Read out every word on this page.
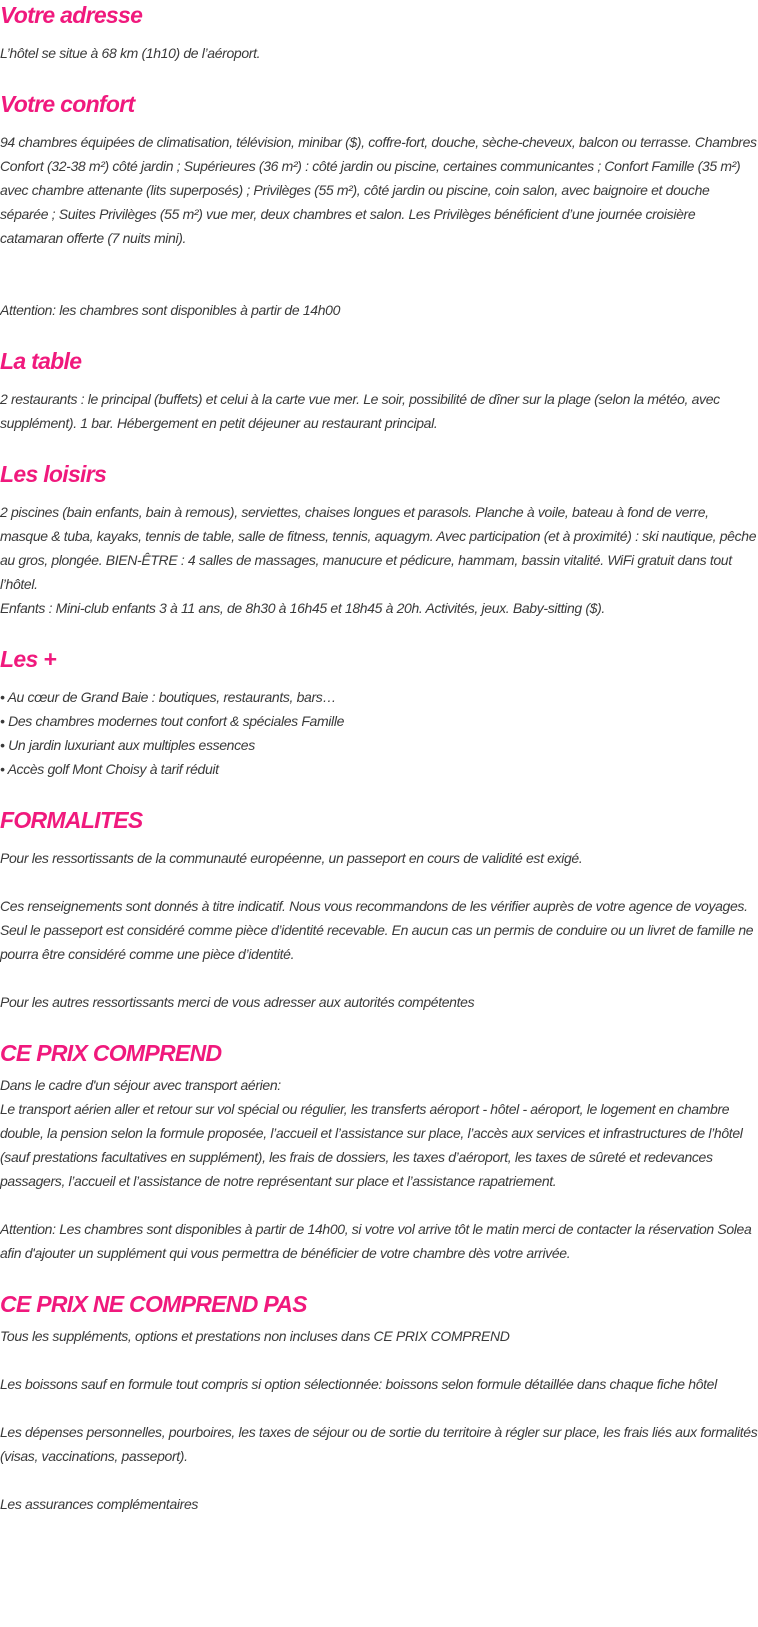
Votre adresse

L’hôtel se situe à 68 km (1h10) de l’aéroport.

Votre confort

94 chambres équipées de climatisation, télévision, minibar ($), coffre-fort, douche, sèche-cheveux, balcon ou terrasse. Chambres Confort (32-38 m²) côté jardin ; Supérieures (36 m²) : côté jardin ou piscine, certaines communicantes ; Confort Famille (35 m²) avec chambre attenante (lits superposés) ; Privilèges (55 m²), côté jardin ou piscine, coin salon, avec baignoire et douche séparée ; Suites Privilèges (55 m²) vue mer, deux chambres et salon. Les Privilèges bénéficient d’une journée croisière catamaran offerte (7 nuits mini).

Attention: les chambres sont disponibles à partir de 14h00

La table

2 restaurants : le principal (buffets) et celui à la carte vue mer. Le soir, possibilité de dîner sur la plage (selon la météo, avec supplément). 1 bar. Hébergement en petit déjeuner au restaurant principal.

Les loisirs

2 piscines (bain enfants, bain à remous), serviettes, chaises longues et parasols. Planche à voile, bateau à fond de verre, masque & tuba, kayaks, tennis de table, salle de fitness, tennis, aquagym. Avec participation (et à proximité) : ski nautique, pêche au gros, plongée. BIEN-ÊTRE : 4 salles de massages, manucure et pédicure, hammam, bassin vitalité. WiFi gratuit dans tout l’hôtel.

Enfants : Mini-club enfants 3 à 11 ans, de 8h30 à 16h45 et 18h45 à 20h. Activités, jeux. Baby-sitting ($).

Les +

• Au cœur de Grand Baie : boutiques, restaurants, bars…

• Des chambres modernes tout confort & spéciales Famille

• Un jardin luxuriant aux multiples essences

• Accès golf Mont Choisy à tarif réduit

FORMALITES

Pour les ressortissants de la communauté européenne, un passeport en cours de validité est exigé.

Ces renseignements sont donnés à titre indicatif. Nous vous recommandons de les vérifier auprès de votre agence de voyages. Seul le passeport est considéré comme pièce d’identité recevable. En aucun cas un permis de conduire ou un livret de famille ne pourra être considéré comme une pièce d’identité.

Pour les autres ressortissants merci de vous adresser aux autorités compétentes

CE PRIX COMPREND

Dans le cadre d'un séjour avec transport aérien:

Le transport aérien aller et retour sur vol spécial ou régulier, les transferts aéroport - hôtel - aéroport, le logement en chambre double, la pension selon la formule proposée, l’accueil et l’assistance sur place, l’accès aux services et infrastructures de l’hôtel (sauf prestations facultatives en supplément), les frais de dossiers, les taxes d’aéroport, les taxes de sûreté et redevances passagers, l’accueil et l’assistance de notre représentant sur place et l’assistance rapatriement.

Attention: Les chambres sont disponibles à partir de 14h00, si votre vol arrive tôt le matin merci de contacter la réservation Solea afin d'ajouter un supplément qui vous permettra de bénéficier de votre chambre dès votre arrivée.

CE PRIX NE COMPREND PAS

Tous les suppléments, options et prestations non incluses dans CE PRIX COMPREND

Les boissons sauf en formule tout compris si option sélectionnée: boissons selon formule détaillée dans chaque fiche hôtel

Les dépenses personnelles, pourboires, les taxes de séjour ou de sortie du territoire à régler sur place, les frais liés aux formalités (visas, vaccinations, passeport).

Les assurances complémentaires
